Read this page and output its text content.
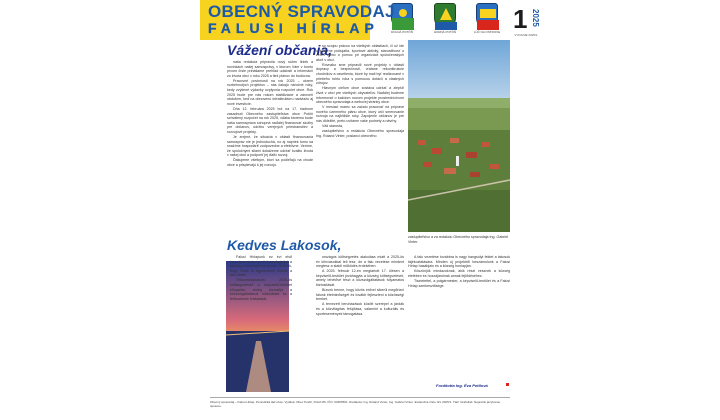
OBECNÝ SPRAVODAJ
FALUSI HÍRLAP	DOLNÁ POTÔŇ	HORNÁ POTÔŇ	LÚČ NA OSTROVE 1 2025
VYDANIE 2025/1
Vážení občania,

naša redakcia pripravila nový súhrn liniek a novinkách našej samosprávy, v ktorom Vám v tomto prvom čísle prinášame prehľad udalostí a informácií zo života obcí v roku 2025 a tiež plánov do budúcna.

Pracovné povinnosti na rok 2025 – okrem rozbehnutých projektov – nás čakajú náročné roky, kedy zvýšené výdavky ovplyvnia rozpočet obce. Rok 2025 bude pre nás rokom stabilizácie a zároveň obdobím, keď na obnovenú infraštruktúru nadviažu aj nové investície.

Dňa 12. februára 2025 bol na 17. riadnom zasadnutí Obecného zastupiteľstva obce Potôň schválený rozpočet na rok 2025, vďaka ktorému bude naša samospráva schopná naďalej financovať služby pre občanov, údržbu verejných priestranstiev a rozvojové projekty.

Je zrejmé, že situácia v oblasti financovania samospráv nie je jednoduchá, no aj napriek tomu sa snažíme hospodáriť zodpovedne a efektívne. Veríme, že spoločnými silami dokážeme udržať kvalitu života v našej obci a podporiť jej ďalší rozvoj.

Ďakujeme všetkým, ktorí sa podieľajú na chode obce a prispievajú k jej rozvoju.

so svojou prácou na všetkých oblastiach, či už ide o kultúrne podujatia, športové aktivity, starostlivosť o zeleň alebo o pomoc pri organizácii spoločenských akcií v obci.

Rovnako sme pripravili nové projekty v oblasti dopravy a bezpečnosti, vrátane rekonštrukcie chodníkov a osvetlenia, ktoré by mali byť realizované v priebehu tohto roka s pomocou dotácií a vlastných zdrojov.

Hlavným cieľom obce zostáva udržať a zlepšiť život v obci pre všetkých obyvateľov. Naďalej budeme informovať o každom novom projekte prostredníctvom obecného spravodaja a webovej stránky obce.

V mesiaci marec sa začalo pracovať na príprave nového územného plánu obce, ktorý určí smerovanie rozvoja na najbližšie roky. Zapojenie občanov je pre nás dôležité, preto uvítame vaše podnety a návrhy.

Váš starosta,

zastupiteľstvo a redakcia Obecného spravodaja Ing. Roland Vinter, poslanci obecného

zastupiteľstvo a za redakciu Obecného spravodaja Ing. Gabriel Vinter.
Kedves Lakosok,

Falusi Hírlapunk ez évi első lapszáma révén ismét összefoglaljuk a község eseményeit és terveit. Örülünk, hogy Önök is figyelemmel kísérik a falu életét.

Önkormányzatunk 2025-ös költségvetését a képviselő-testület elfogadta, amely biztosítja a közszolgáltatások működését és a fejlesztések folytatását.

országos költségvetés alakulása miatt a 2025-ös év kihívásokkal teli lesz, de a falu vezetése mindent megtesz a stabil működés érdekében.

A 2025. február 12-én megtartott 17. ülésen a képviselő-testület jóváhagyta a község költségvetését, amely lehetővé teszi a közszolgáltatások folyamatos biztosítását.

Bízunk benne, hogy közös erővel sikerül megőrizni falunk életminőségét és tovább fejleszteni a közösségi tereket.

A tervezett beruházások között szerepel a járdák és a közvilágítás felújítása, valamint a kulturális és sportesemények támogatása.

A falu vezetése továbbra is nagy hangsúlyt fektet a lakosok tájékoztatására. Minden új projektről beszámolunk a Falusi Hírlap hasábjain és a község honlapján.

Köszönjük mindazoknak, akik részt vesznek a község életében és hozzájárulnak annak fejlődéséhez.

Tisztelettel, a polgármester, a képviselő-testület és a Falusi Hírlap szerkesztősége.

Fordította Ing. Éva Petőová
Obecný spravodaj – Falusi Hírlap. Periodická tlač obce. Vydáva: Obec Potôň, Potôň 86, IČO: 00305561. Redakcia: Ing. Roland Vinter, Ing. Gabriel Vinter. Evidenčné číslo: EV 2025/1. Tlač: Grafotlač. Neprešlo jazykovou úpravou.
